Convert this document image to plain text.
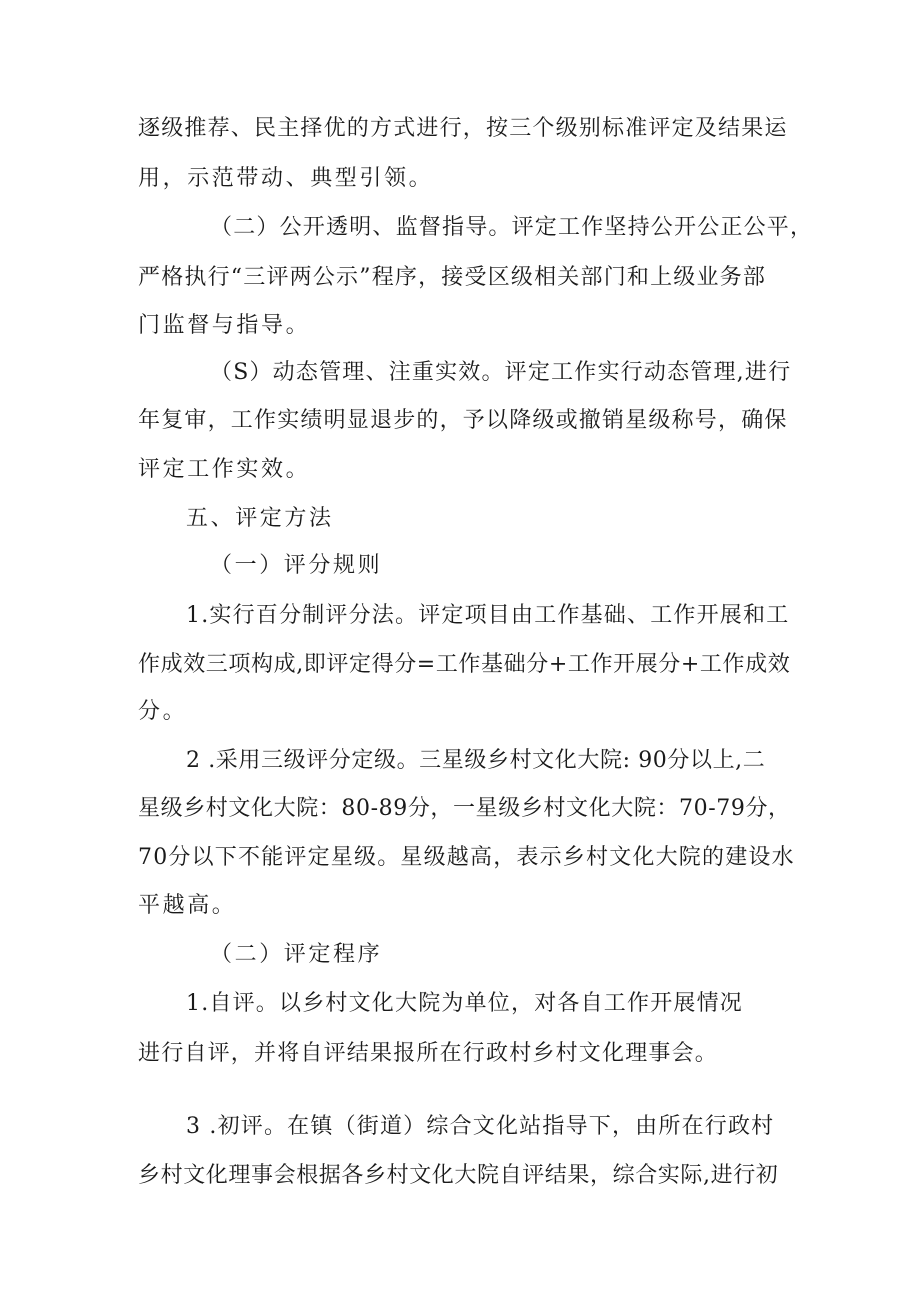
逐级推荐、民主择优的方式进行，按三个级别标准评定及结果运
用，示范带动、典型引领。
（二）公开透明、监督指导。评定工作坚持公开公正公平，
严格执行“三评两公示”程序，接受区级相关部门和上级业务部
门监督与指导。
（S）动态管理、注重实效。评定工作实行动态管理,进行
年复审，工作实绩明显退步的，予以降级或撤销星级称号，确保
评定工作实效。
五、评定方法
（一）评分规则
1.实行百分制评分法。评定项目由工作基础、工作开展和工
作成效三项构成,即评定得分=工作基础分+工作开展分+工作成效
分。
2 .采用三级评分定级。三星级乡村文化大院: 90分以上,二
星级乡村文化大院：80-89分，一星级乡村文化大院：70-79分，
70分以下不能评定星级。星级越高，表示乡村文化大院的建设水
平越高。
（二）评定程序
1.自评。以乡村文化大院为单位，对各自工作开展情况
进行自评，并将自评结果报所在行政村乡村文化理事会。
3 .初评。在镇（街道）综合文化站指导下，由所在行政村
乡村文化理事会根据各乡村文化大院自评结果，综合实际,进行初
